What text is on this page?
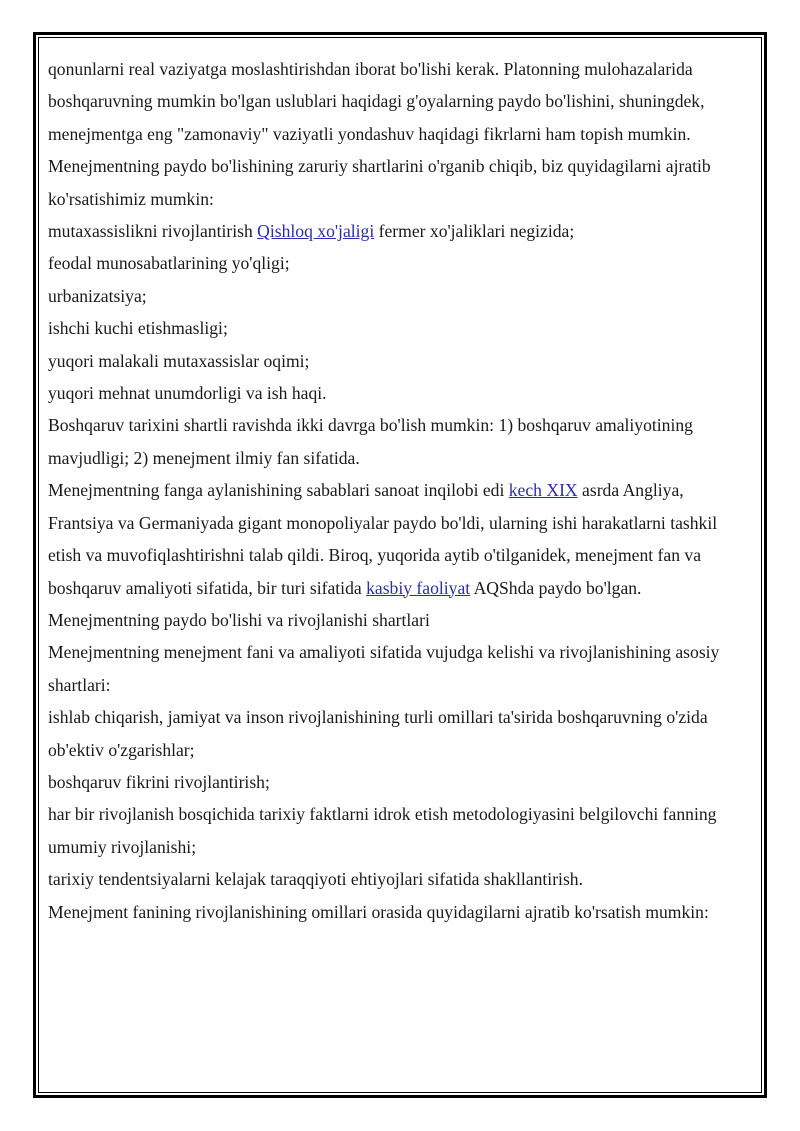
qonunlarni real vaziyatga moslashtirishdan iborat bo'lishi kerak. Platonning mulohazalarida boshqaruvning mumkin bo'lgan uslublari haqidagi g'oyalarning paydo bo'lishini, shuningdek, menejmentga eng "zamonaviy" vaziyatli yondashuv haqidagi fikrlarni ham topish mumkin.

Menejmentning paydo bo'lishining zaruriy shartlarini o'rganib chiqib, biz quyidagilarni ajratib ko'rsatishimiz mumkin:

mutaxassislikni rivojlantirish Qishloq xo'jaligi fermer xo'jaliklari negizida;

feodal munosabatlarining yo'qligi;

urbanizatsiya;

ishchi kuchi etishmasligi;

yuqori malakali mutaxassislar oqimi;

yuqori mehnat unumdorligi va ish haqi.

Boshqaruv tarixini shartli ravishda ikki davrga bo'lish mumkin: 1) boshqaruv amaliyotining mavjudligi; 2) menejment ilmiy fan sifatida.

Menejmentning fanga aylanishining sabablari sanoat inqilobi edi kech XIX asrda Angliya, Frantsiya va Germaniyada gigant monopoliyalar paydo bo'ldi, ularning ishi harakatlarni tashkil etish va muvofiqlashtirishni talab qildi. Biroq, yuqorida aytib o'tilganidek, menejment fan va boshqaruv amaliyoti sifatida, bir turi sifatida kasbiy faoliyat AQShda paydo bo'lgan.

Menejmentning paydo bo'lishi va rivojlanishi shartlari

Menejmentning menejment fani va amaliyoti sifatida vujudga kelishi va rivojlanishining asosiy shartlari:

ishlab chiqarish, jamiyat va inson rivojlanishining turli omillari ta'sirida boshqaruvning o'zida ob'ektiv o'zgarishlar;

boshqaruv fikrini rivojlantirish;

har bir rivojlanish bosqichida tarixiy faktlarni idrok etish metodologiyasini belgilovchi fanning umumiy rivojlanishi;

tarixiy tendentsiyalarni kelajak taraqqiyoti ehtiyojlari sifatida shakllantirish.

Menejment fanining rivojlanishining omillari orasida quyidagilarni ajratib ko'rsatish mumkin:
